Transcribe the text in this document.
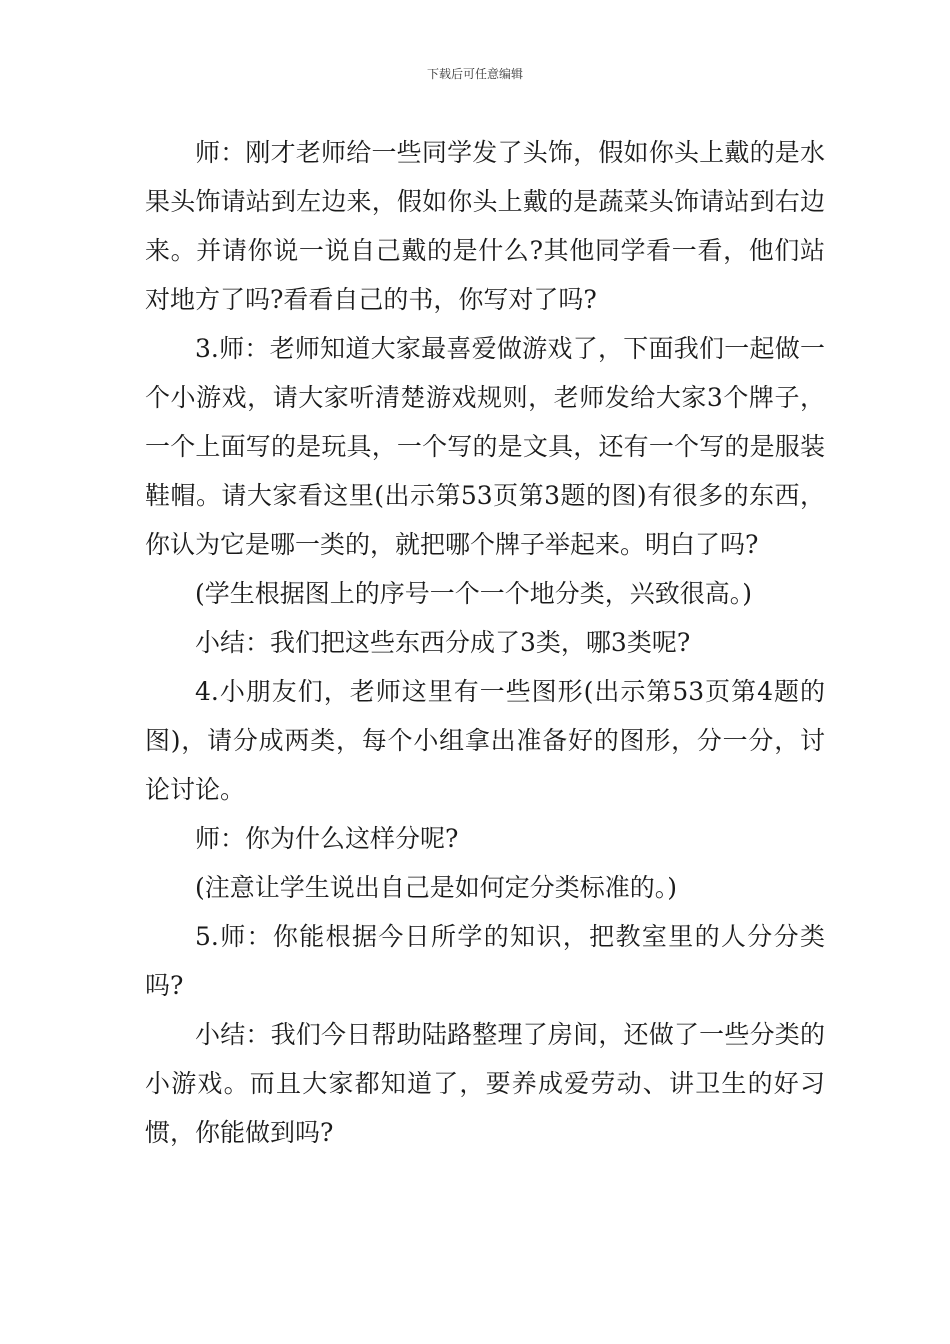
下载后可任意编辑

师：刚才老师给一些同学发了头饰，假如你头上戴的是水果头饰请站到左边来，假如你头上戴的是蔬菜头饰请站到右边来。并请你说一说自己戴的是什么?其他同学看一看，他们站对地方了吗?看看自己的书，你写对了吗?

3.师：老师知道大家最喜爱做游戏了，下面我们一起做一个小游戏，请大家听清楚游戏规则，老师发给大家3个牌子，一个上面写的是玩具，一个写的是文具，还有一个写的是服装鞋帽。请大家看这里(出示第53页第3题的图)有很多的东西，你认为它是哪一类的，就把哪个牌子举起来。明白了吗?

(学生根据图上的序号一个一个地分类，兴致很高。)

小结：我们把这些东西分成了3类，哪3类呢?

4.小朋友们，老师这里有一些图形(出示第53页第4题的图)，请分成两类，每个小组拿出准备好的图形，分一分，讨论讨论。

师：你为什么这样分呢?

(注意让学生说出自己是如何定分类标准的。)

5.师：你能根据今日所学的知识，把教室里的人分分类吗?

小结：我们今日帮助陆路整理了房间，还做了一些分类的小游戏。而且大家都知道了，要养成爱劳动、讲卫生的好习惯，你能做到吗?
